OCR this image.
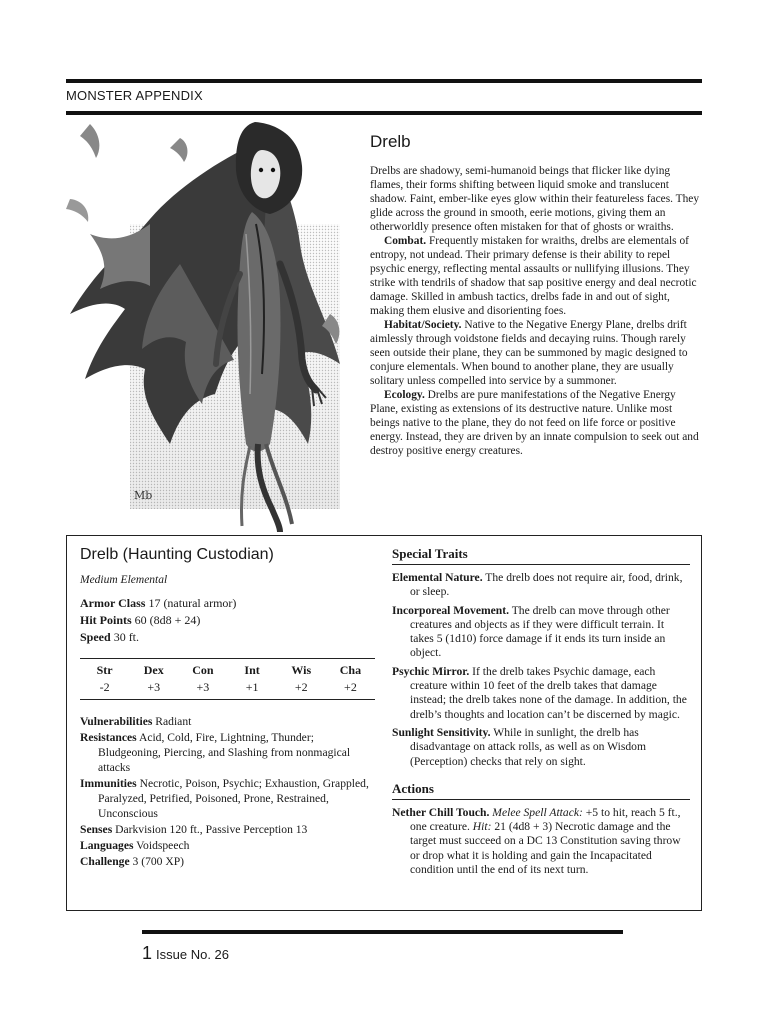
MONSTER APPENDIX
Mb
Drelb

Drelbs are shadowy, semi-humanoid beings that flicker like dying flames, their forms shifting between liquid smoke and translucent shadow. Faint, ember-like eyes glow within their featureless faces. They glide across the ground in smooth, eerie motions, giving them an otherworldly presence often mistaken for that of ghosts or wraiths.

Combat. Frequently mistaken for wraiths, drelbs are elementals of entropy, not undead. Their primary defense is their ability to repel psychic energy, reflecting mental assaults or nullifying illusions. They strike with tendrils of shadow that sap positive energy and deal necrotic damage. Skilled in ambush tactics, drelbs fade in and out of sight, making them elusive and disorienting foes.

Habitat/Society. Native to the Negative Energy Plane, drelbs drift aimlessly through voidstone fields and decaying ruins. Though rarely seen outside their plane, they can be summoned by magic designed to conjure elementals. When bound to another plane, they are usually solitary unless compelled into service by a summoner.

Ecology. Drelbs are pure manifestations of the Negative Energy Plane, existing as extensions of its destructive nature. Unlike most beings native to the plane, they do not feed on life force or positive energy. Instead, they are driven by an innate compulsion to seek out and destroy positive energy creatures.

Drelb (Haunting Custodian)
Medium Elemental
Armor Class 17 (natural armor)
Hit Points 60 (8d8 + 24)
Speed 30 ft.
Str	Dex	Con	Int	Wis	Cha
-2	+3	+3	+1	+2	+2
Vulnerabilities Radiant
Resistances Acid, Cold, Fire, Lightning, Thunder; Bludgeoning, Piercing, and Slashing from nonmagical attacks
Immunities Necrotic, Poison, Psychic; Exhaustion, Grappled, Paralyzed, Petrified, Poisoned, Prone, Restrained, Unconscious
Senses Darkvision 120 ft., Passive Perception 13
Languages Voidspeech
Challenge 3 (700 XP)
Special Traits
Elemental Nature. The drelb does not require air, food, drink, or sleep.
Incorporeal Movement. The drelb can move through other creatures and objects as if they were difficult terrain. It takes 5 (1d10) force damage if it ends its turn inside an object.
Psychic Mirror. If the drelb takes Psychic damage, each creature within 10 feet of the drelb takes that damage instead; the drelb takes none of the damage. In addition, the drelb’s thoughts and location can’t be discerned by magic.
Sunlight Sensitivity. While in sunlight, the drelb has disadvantage on attack rolls, as well as on Wisdom (Perception) checks that rely on sight.
Actions
Nether Chill Touch. Melee Spell Attack: +5 to hit, reach 5 ft., one creature. Hit: 21 (4d8 + 3) Necrotic damage and the target must succeed on a DC 13 Constitution saving throw or drop what it is holding and gain the Incapacitated condition until the end of its next turn.
1 Issue No. 26
